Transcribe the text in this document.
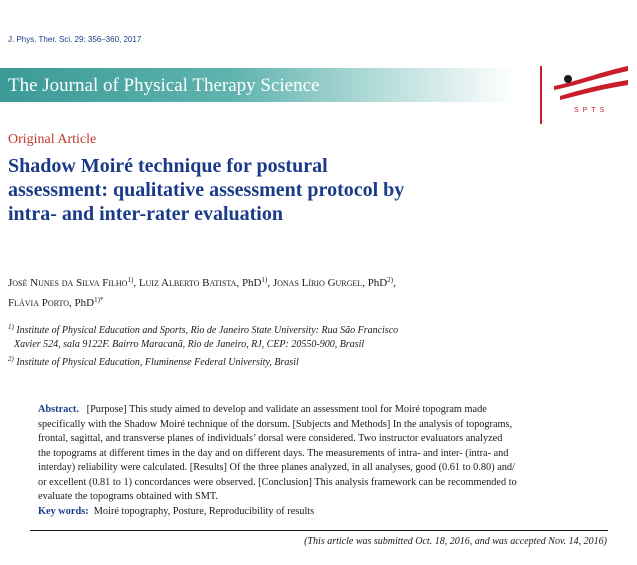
J. Phys. Ther. Sci. 29: 356–360, 2017
The Journal of Physical Therapy Science
SPTS
Original Article
Shadow Moiré technique for postural
assessment: qualitative assessment protocol by
intra- and inter-rater evaluation
José Nunes da Silva Filho$^{1)}$, Luiz Alberto Batista, PhD$^{1)}$, Jonas Lírio Gurgel, PhD$^{2)}$,
Flávia Porto, PhD$^{1)*}$
$^{1)}$ Institute of Physical Education and Sports, Rio de Janeiro State University: Rua São Francisco
Xavier 524, sala 9122F. Bairro Maracanã, Rio de Janeiro, RJ, CEP: 20550-900, Brasil
$^{2)}$ Institute of Physical Education, Fluminense Federal University, Brasil
Abstract. [Purpose] This study aimed to develop and validate an assessment tool for Moiré topogram made
specifically with the Shadow Moiré technique of the dorsum. [Subjects and Methods] In the analysis of topograms,
frontal, sagittal, and transverse planes of individuals’ dorsal were considered. Two instructor evaluators analyzed
the topograms at different times in the day and on different days. The measurements of intra- and inter- (intra- and
interday) reliability were calculated. [Results] Of the three planes analyzed, in all analyses, good (0.61 to 0.80) and/
or excellent (0.81 to 1) concordances were observed. [Conclusion] This analysis framework can be recommended to
evaluate the topograms obtained with SMT.
Key words: Moiré topography, Posture, Reproducibility of results
(This article was submitted Oct. 18, 2016, and was accepted Nov. 14, 2016)
